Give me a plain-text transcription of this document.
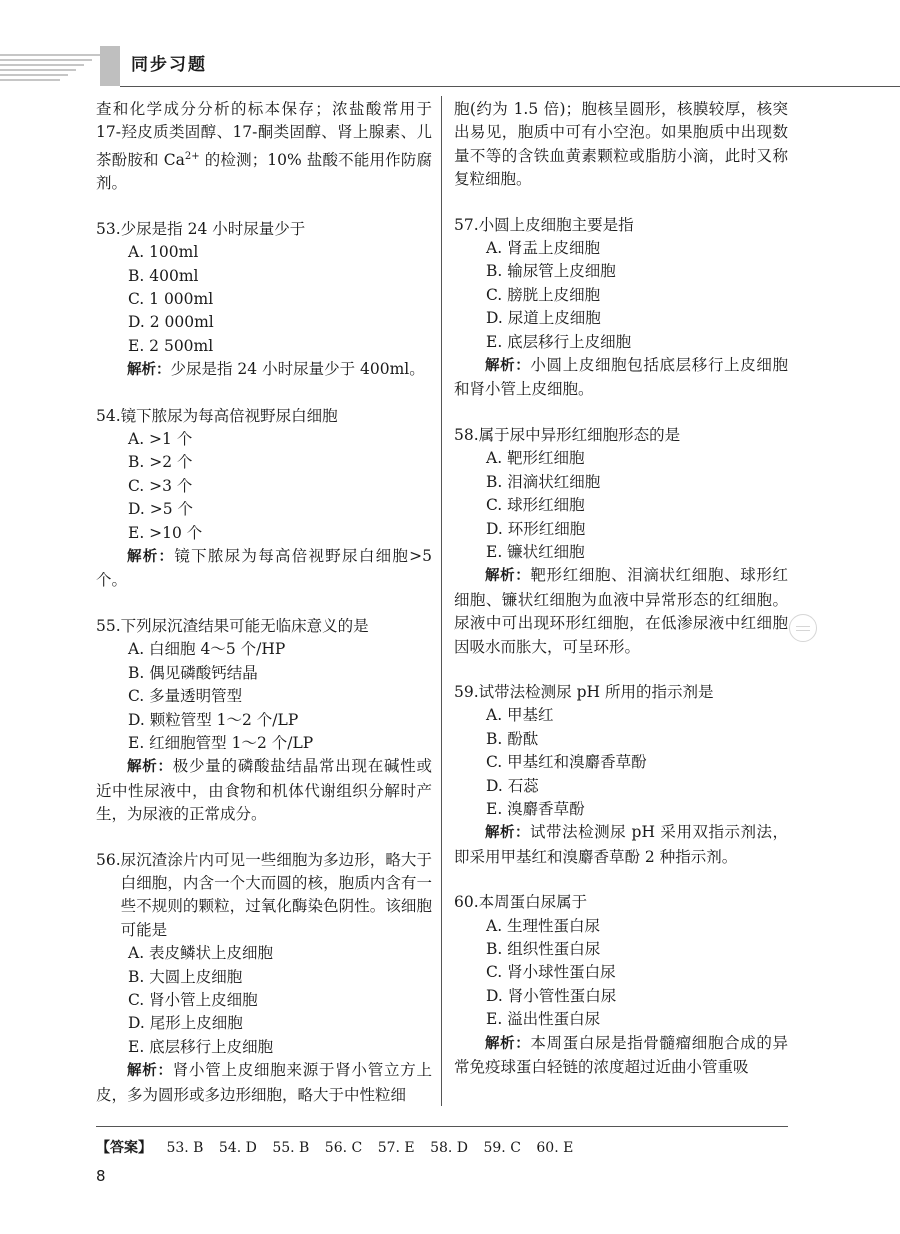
同步习题
查和化学成分分析的标本保存；浓盐酸常用于17-羟皮质类固醇、17-酮类固醇、肾上腺素、儿茶酚胺和 $Ca^{2+}$ 的检测；10% 盐酸不能用作防腐剂。
53. 少尿是指 24 小时尿量少于
A. 100ml
B. 400ml
C. 1 000ml
D. 2 000ml
E. 2 500ml
解析：少尿是指 24 小时尿量少于 400ml。
54. 镜下脓尿为每高倍视野尿白细胞
A. >1 个
B. >2 个
C. >3 个
D. >5 个
E. >10 个
解析：镜下脓尿为每高倍视野尿白细胞>5 个。
55. 下列尿沉渣结果可能无临床意义的是
A. 白细胞 4～5 个/HP
B. 偶见磷酸钙结晶
C. 多量透明管型
D. 颗粒管型 1～2 个/LP
E. 红细胞管型 1～2 个/LP
解析：极少量的磷酸盐结晶常出现在碱性或近中性尿液中，由食物和机体代谢组织分解时产生，为尿液的正常成分。
56. 尿沉渣涂片内可见一些细胞为多边形，略大于白细胞，内含一个大而圆的核，胞质内含有一些不规则的颗粒，过氧化酶染色阴性。该细胞可能是
A. 表皮鳞状上皮细胞
B. 大圆上皮细胞
C. 肾小管上皮细胞
D. 尾形上皮细胞
E. 底层移行上皮细胞
解析：肾小管上皮细胞来源于肾小管立方上皮，多为圆形或多边形细胞，略大于中性粒细
胞(约为 1.5 倍)；胞核呈圆形，核膜较厚，核突出易见，胞质中可有小空泡。如果胞质中出现数量不等的含铁血黄素颗粒或脂肪小滴，此时又称复粒细胞。
57. 小圆上皮细胞主要是指
A. 肾盂上皮细胞
B. 输尿管上皮细胞
C. 膀胱上皮细胞
D. 尿道上皮细胞
E. 底层移行上皮细胞
解析：小圆上皮细胞包括底层移行上皮细胞和肾小管上皮细胞。
58. 属于尿中异形红细胞形态的是
A. 靶形红细胞
B. 泪滴状红细胞
C. 球形红细胞
D. 环形红细胞
E. 镰状红细胞
解析：靶形红细胞、泪滴状红细胞、球形红细胞、镰状红细胞为血液中异常形态的红细胞。尿液中可出现环形红细胞，在低渗尿液中红细胞因吸水而胀大，可呈环形。
59. 试带法检测尿 pH 所用的指示剂是
A. 甲基红
B. 酚酞
C. 甲基红和溴麝香草酚
D. 石蕊
E. 溴麝香草酚
解析：试带法检测尿 pH 采用双指示剂法，即采用甲基红和溴麝香草酚 2 种指示剂。
60. 本周蛋白尿属于
A. 生理性蛋白尿
B. 组织性蛋白尿
C. 肾小球性蛋白尿
D. 肾小管性蛋白尿
E. 溢出性蛋白尿
解析：本周蛋白尿是指骨髓瘤细胞合成的异常免疫球蛋白轻链的浓度超过近曲小管重吸
【答案】 53. B 54. D 55. B 56. C 57. E 58. D 59. C 60. E
8
